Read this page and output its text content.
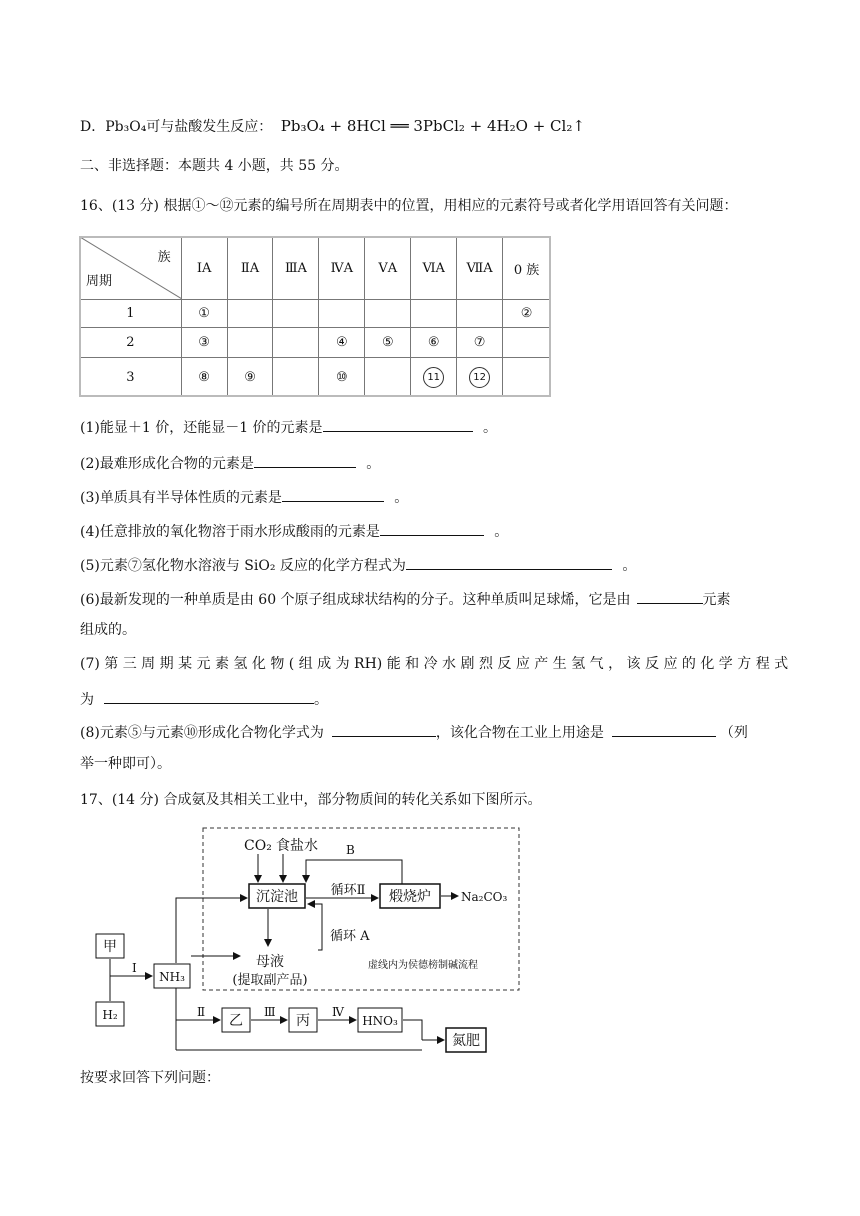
D．Pb₃O₄可与盐酸发生反应： Pb₃O₄ + 8HCl ══ 3PbCl₂ + 4H₂O + Cl₂↑
二、非选择题：本题共 4 小题，共 55 分。
16、(13 分) 根据①～⑫元素的编号所在周期表中的位置，用相应的元素符号或者化学用语回答有关问题：
族
周期	ⅠA	ⅡA	ⅢA	ⅣA	ⅤA	ⅥA	ⅦA	0 族
1	①							②
2	③			④	⑤	⑥	⑦	
3	⑧	⑨		⑩		11	12	
(1)能显＋1 价，还能显－1 价的元素是	。
(2)最难形成化合物的元素是	。
(3)单质具有半导体性质的元素是	。
(4)任意排放的氧化物溶于雨水形成酸雨的元素是	。
(5)元素⑦氢化物水溶液与 SiO₂ 反应的化学方程式为	。
(6)最新发现的一种单质是由 60 个原子组成球状结构的分子。这种单质叫足球烯，它是由	元素
组成的。
(7) 第 三 周 期 某 元 素 氢 化 物 ( 组 成 为 RH) 能 和 冷 水 剧 烈 反 应 产 生 氢 气 ， 该 反 应 的 化 学 方 程 式
为	。
(8)元素⑤与元素⑩形成化合物化学式为	，该化合物在工业上用途是	（列
举一种即可）。
17、(14 分) 合成氨及其相关工业中，部分物质间的转化关系如下图所示。
CO₂ 食盐水 B
沉淀池	循环Ⅱ 煅烧炉	Na₂CO₃
循环 A
母液
(提取副产品)
虚线内为侯德榜制碱流程
甲
H₂
Ⅰ
NH₃
Ⅱ
乙
Ⅲ
丙
Ⅳ
HNO₃
氮肥
按要求回答下列问题：
